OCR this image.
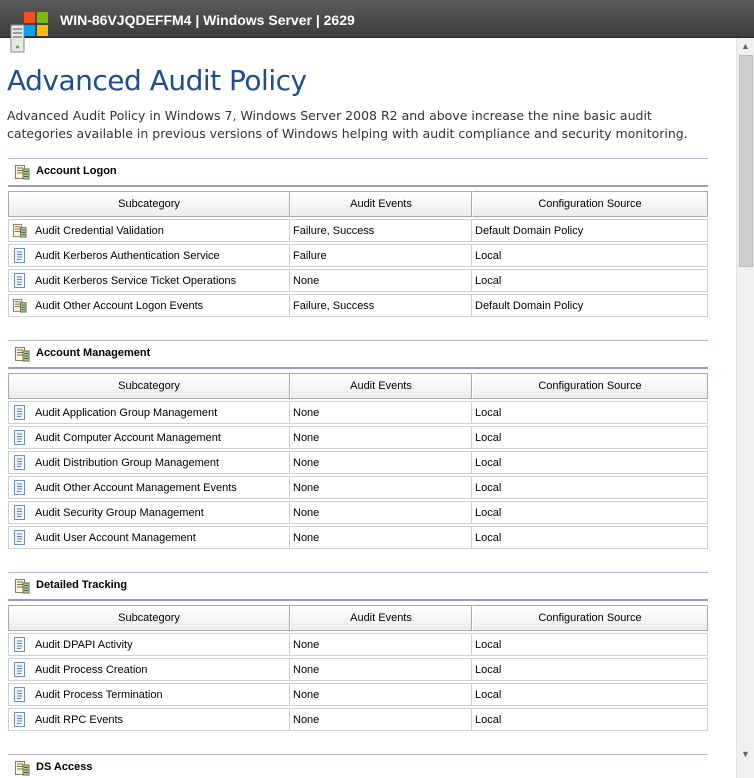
WIN-86VJQDEFFM4 | Windows Server | 2629
Advanced Audit Policy

Advanced Audit Policy in Windows 7, Windows Server 2008 R2 and above increase the nine basic audit categories available in previous versions of Windows helping with audit compliance and security monitoring.

Account Logon
Subcategory	Audit Events	Configuration Source

Audit Credential Validation	Failure, Success	Default Domain Policy

Audit Kerberos Authentication Service	Failure	Local

Audit Kerberos Service Ticket Operations	None	Local

Audit Other Account Logon Events	Failure, Success	Default Domain Policy
Account Management
Subcategory	Audit Events	Configuration Source

Audit Application Group Management	None	Local

Audit Computer Account Management	None	Local

Audit Distribution Group Management	None	Local

Audit Other Account Management Events	None	Local

Audit Security Group Management	None	Local

Audit User Account Management	None	Local
Detailed Tracking
Subcategory	Audit Events	Configuration Source

Audit DPAPI Activity	None	Local

Audit Process Creation	None	Local

Audit Process Termination	None	Local

Audit RPC Events	None	Local
DS Access
▲
▼
